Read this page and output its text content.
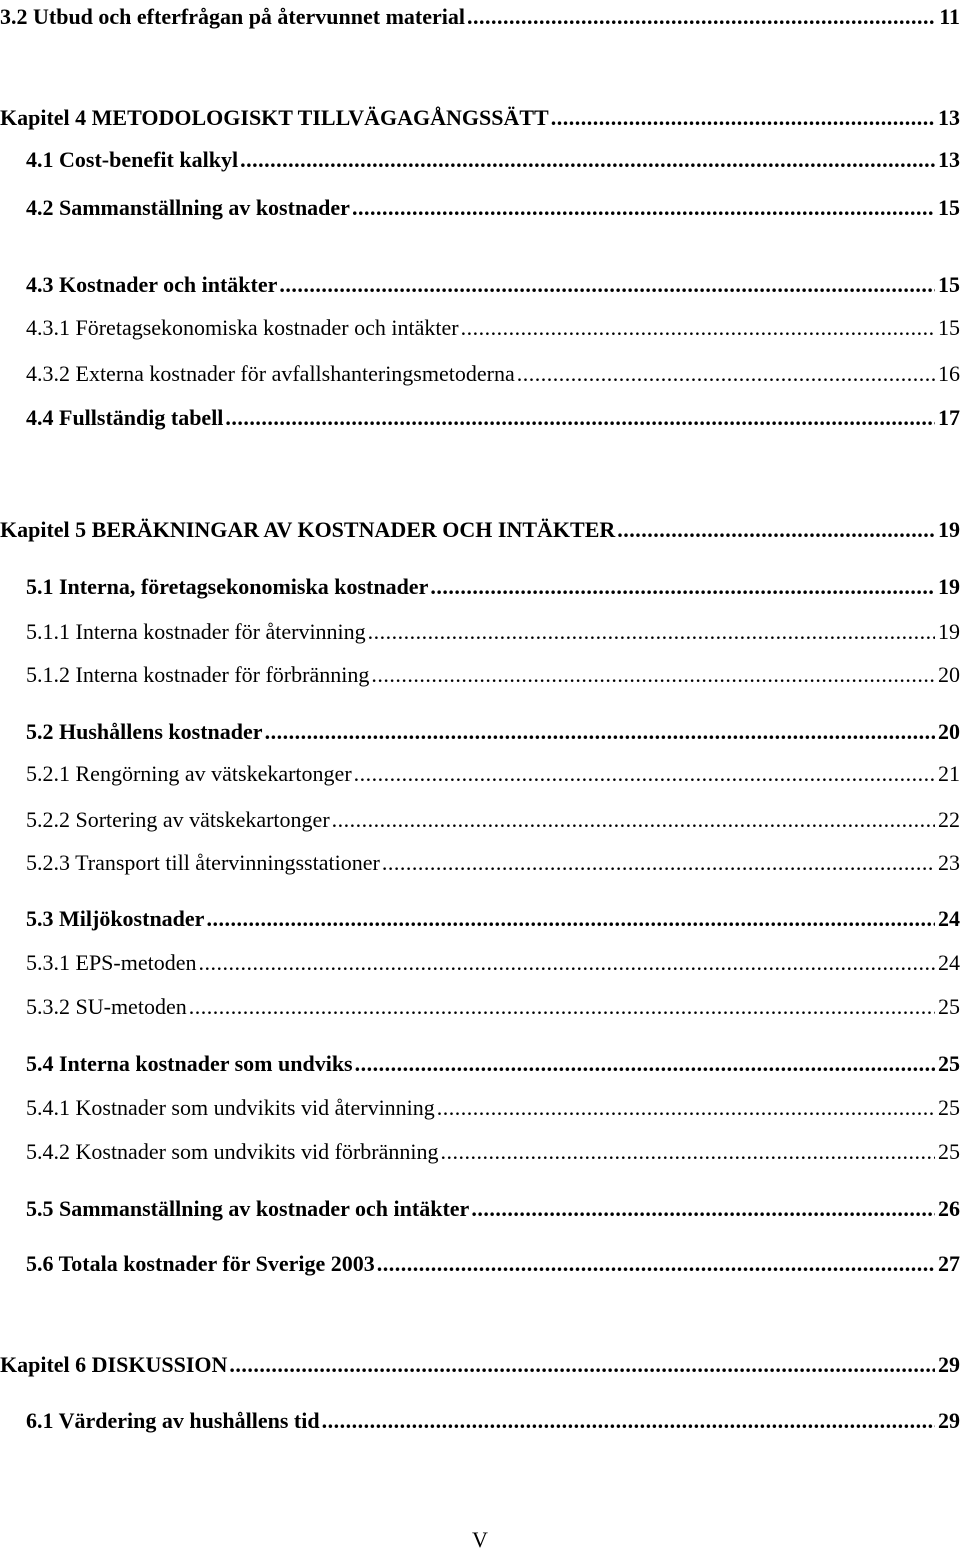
3.2 Utbud och efterfrågan på återvunnet material .....	11
Kapitel 4 METODOLOGISKT TILLVÄGAGÅNGSSÄTT .....	13
4.1 Cost-benefit kalkyl .....	13
4.2 Sammanställning av kostnader .....	15
4.3 Kostnader och intäkter .....	15
4.3.1 Företagsekonomiska kostnader och intäkter .....	15
4.3.2 Externa kostnader för avfallshanteringsmetoderna .....	16
4.4 Fullständig tabell .....	17
Kapitel 5 BERÄKNINGAR AV KOSTNADER OCH INTÄKTER .....	19
5.1 Interna, företagsekonomiska kostnader .....	19
5.1.1 Interna kostnader för återvinning .....	19
5.1.2 Interna kostnader för förbränning .....	20
5.2 Hushållens kostnader .....	20
5.2.1 Rengörning av vätskekartonger .....	21
5.2.2 Sortering av vätskekartonger .....	22
5.2.3 Transport till återvinningsstationer .....	23
5.3 Miljökostnader .....	24
5.3.1 EPS-metoden .....	24
5.3.2 SU-metoden .....	25
5.4 Interna kostnader som undviks .....	25
5.4.1 Kostnader som undvikits vid återvinning .....	25
5.4.2 Kostnader som undvikits vid förbränning .....	25
5.5 Sammanställning av kostnader och intäkter .....	26
5.6 Totala kostnader för Sverige 2003 .....	27
Kapitel 6 DISKUSSION .....	29
6.1 Värdering av hushållens tid .....	29
V
